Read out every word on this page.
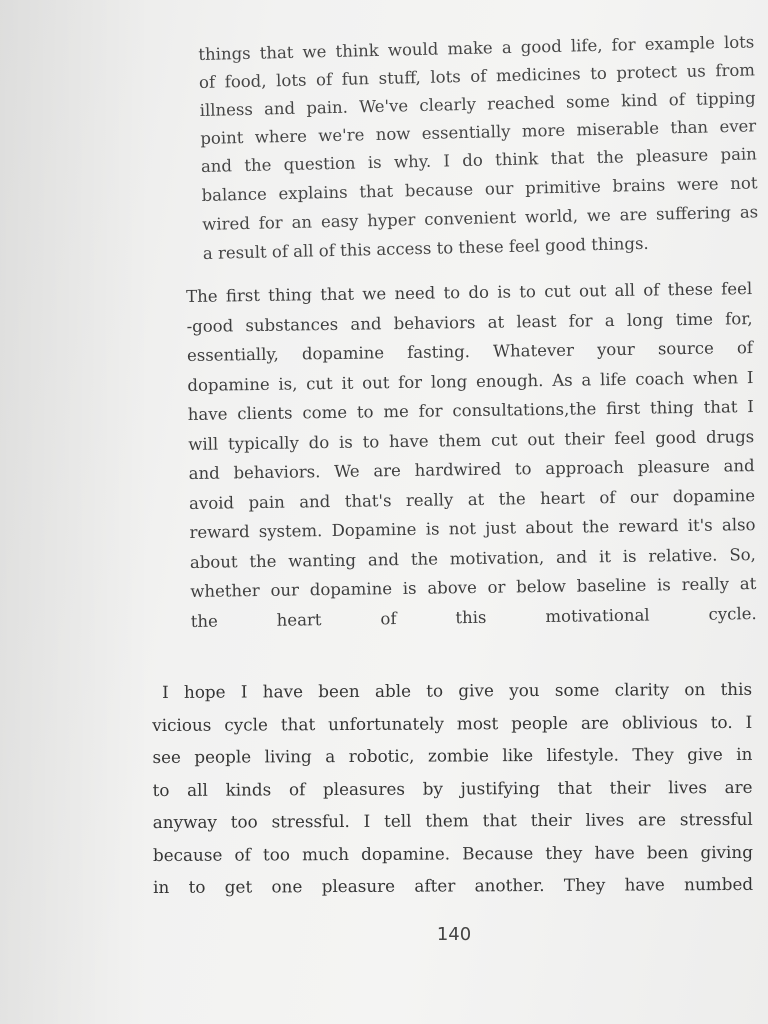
things that we think would make a good life, for example lots
of food, lots of fun stuff, lots of medicines to protect us from
illness and pain. We've clearly reached some kind of tipping
point where we're now essentially more miserable than ever
and the question is why. I do think that the pleasure pain
balance explains that because our primitive brains were not
wired for an easy hyper convenient world, we are suffering as
a result of all of this access to these feel good things.
The first thing that we need to do is to cut out all of these feel
-good substances and behaviors at least for a long time for,
essentially, dopamine fasting. Whatever your source of
dopamine is, cut it out for long enough. As a life coach when I
have clients come to me for consultations,the first thing that I
will typically do is to have them cut out their feel good drugs
and behaviors. We are hardwired to approach pleasure and
avoid pain and that's really at the heart of our dopamine
reward system. Dopamine is not just about the reward it's also
about the wanting and the motivation, and it is relative. So,
whether our dopamine is above or below baseline is really at
the heart of this motivational cycle.
I hope I have been able to give you some clarity on this
vicious cycle that unfortunately most people are oblivious to. I
see people living a robotic, zombie like lifestyle. They give in
to all kinds of pleasures by justifying that their lives are
anyway too stressful. I tell them that their lives are stressful
because of too much dopamine. Because they have been giving
in to get one pleasure after another. They have numbed
140
